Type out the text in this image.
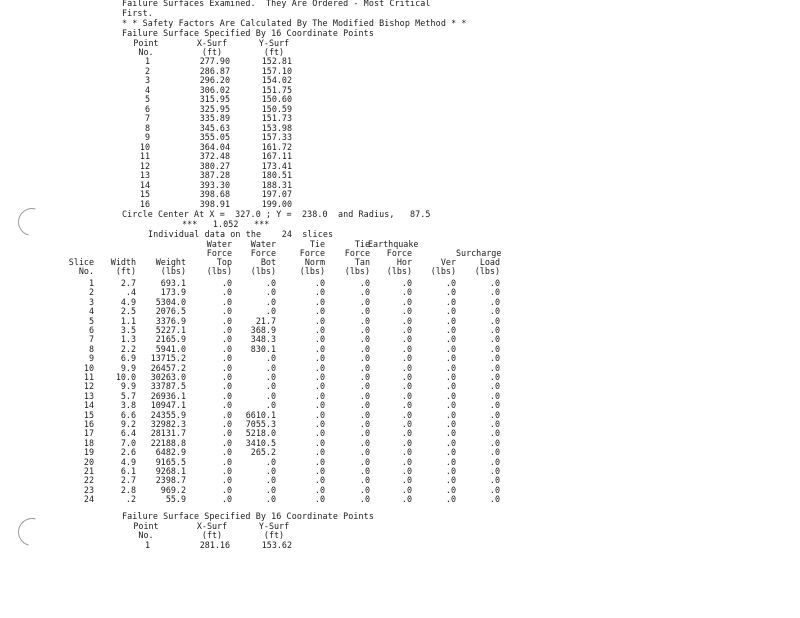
Failure Surfaces Examined.  They Are Ordered - Most Critical
First.
* * Safety Factors Are Calculated By The Modified Bishop Method * *
Failure Surface Specified By 16 Coordinate Points
Point	X-Surf	Y-Surf
No.	(ft)	(ft)
1	277.90	152.81
2	286.87	157.10
3	296.20	154.02
4	306.02	151.75
5	315.95	150.60
6	325.95	150.59
7	335.89	151.73
8	345.63	153.98
9	355.05	157.33
10	364.04	161.72
11	372.48	167.11
12	380.27	173.41
13	387.28	180.51
14	393.30	188.31
15	398.68	197.07
16	398.91	199.00
Circle Center At X =  327.0 ; Y =  238.0  and Radius,   87.5
***   1.052   ***
Individual data on the    24  slices
Water	Water	Tie	Tie
Earthquake
Force	Force	Force	Force	Force	Surcharge
Slice	Width	Weight	Top	Bot	Norm	Tan	Hor	Ver	Load
No.	(ft)	(lbs)	(lbs)	(lbs)	(lbs)	(lbs)	(lbs)	(lbs)	(lbs)
1	2.7	693.1	.0	.0	.0	.0	.0	.0	.0
2	.4	173.9	.0	.0	.0	.0	.0	.0	.0
3	4.9	5304.0	.0	.0	.0	.0	.0	.0	.0
4	2.5	2076.5	.0	.0	.0	.0	.0	.0	.0
5	1.1	3376.9	.0	21.7	.0	.0	.0	.0	.0
6	3.5	5227.1	.0	368.9	.0	.0	.0	.0	.0
7	1.3	2165.9	.0	348.3	.0	.0	.0	.0	.0
8	2.2	5941.0	.0	830.1	.0	.0	.0	.0	.0
9	6.9	13715.2	.0	.0	.0	.0	.0	.0	.0
10	9.9	26457.2	.0	.0	.0	.0	.0	.0	.0
11	10.0	30263.0	.0	.0	.0	.0	.0	.0	.0
12	9.9	33787.5	.0	.0	.0	.0	.0	.0	.0
13	5.7	26936.1	.0	.0	.0	.0	.0	.0	.0
14	3.8	10947.1	.0	.0	.0	.0	.0	.0	.0
15	6.6	24355.9	.0	6610.1	.0	.0	.0	.0	.0
16	9.2	32982.3	.0	7055.3	.0	.0	.0	.0	.0
17	6.4	28131.7	.0	5218.0	.0	.0	.0	.0	.0
18	7.0	22188.8	.0	3410.5	.0	.0	.0	.0	.0
19	2.6	6482.9	.0	265.2	.0	.0	.0	.0	.0
20	4.9	9165.5	.0	.0	.0	.0	.0	.0	.0
21	6.1	9268.1	.0	.0	.0	.0	.0	.0	.0
22	2.7	2398.7	.0	.0	.0	.0	.0	.0	.0
23	2.8	969.2	.0	.0	.0	.0	.0	.0	.0
24	.2	55.9	.0	.0	.0	.0	.0	.0	.0
Failure Surface Specified By 16 Coordinate Points
Point	X-Surf	Y-Surf
No.	(ft)	(ft)
1	281.16	153.62
